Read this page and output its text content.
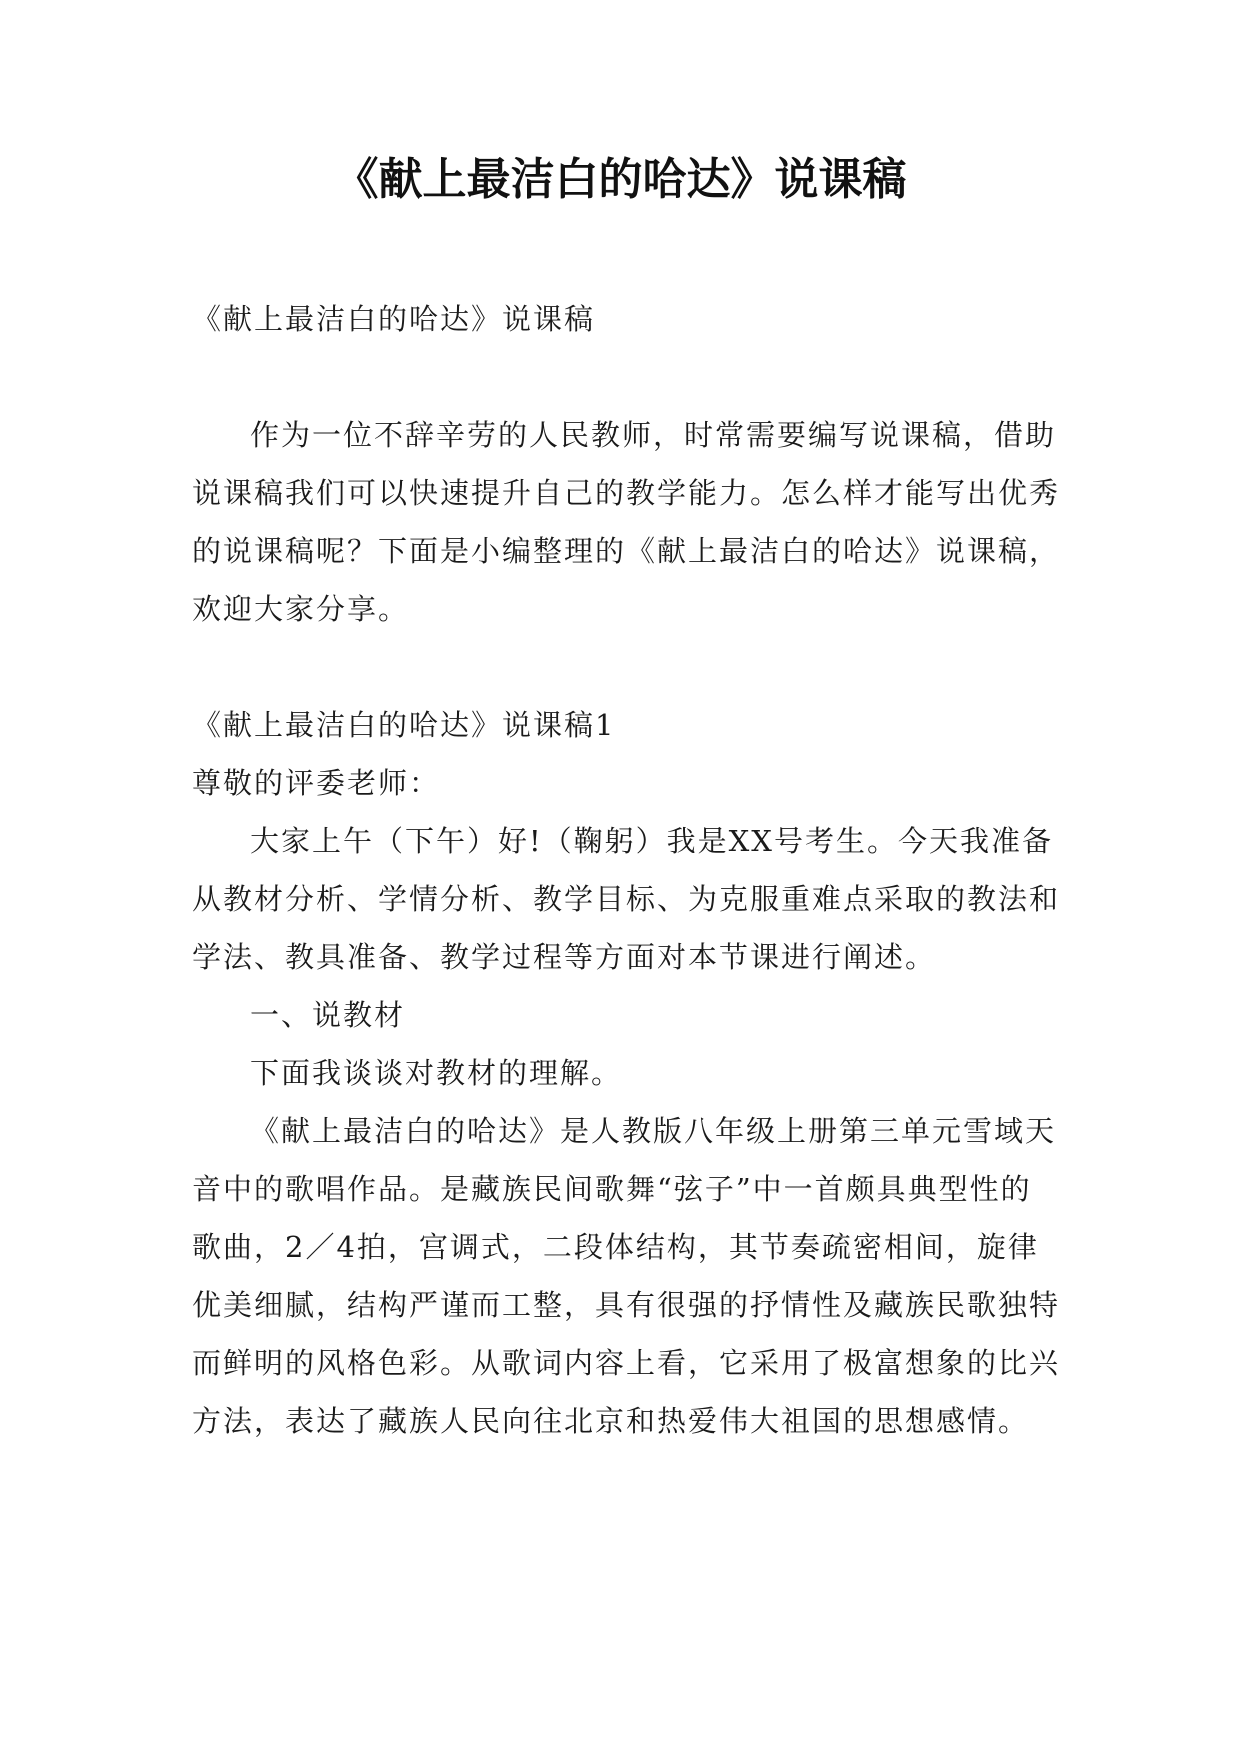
《献上最洁白的哈达》说课稿

《献上最洁白的哈达》说课稿

作为一位不辞辛劳的人民教师，时常需要编写说课稿，借助说课稿我们可以快速提升自己的教学能力。怎么样才能写出优秀的说课稿呢？下面是小编整理的《献上最洁白的哈达》说课稿，欢迎大家分享。

《献上最洁白的哈达》说课稿1

尊敬的评委老师：

大家上午（下午）好!（鞠躬）我是XX号考生。今天我准备从教材分析、学情分析、教学目标、为克服重难点采取的教法和学法、教具准备、教学过程等方面对本节课进行阐述。

一、说教材

下面我谈谈对教材的理解。

《献上最洁白的哈达》是人教版八年级上册第三单元雪域天音中的歌唱作品。是藏族民间歌舞“弦子”中一首颇具典型性的歌曲，2／4拍，宫调式，二段体结构，其节奏疏密相间，旋律优美细腻，结构严谨而工整，具有很强的抒情性及藏族民歌独特而鲜明的风格色彩。从歌词内容上看，它采用了极富想象的比兴方法，表达了藏族人民向往北京和热爱伟大祖国的思想感情。
